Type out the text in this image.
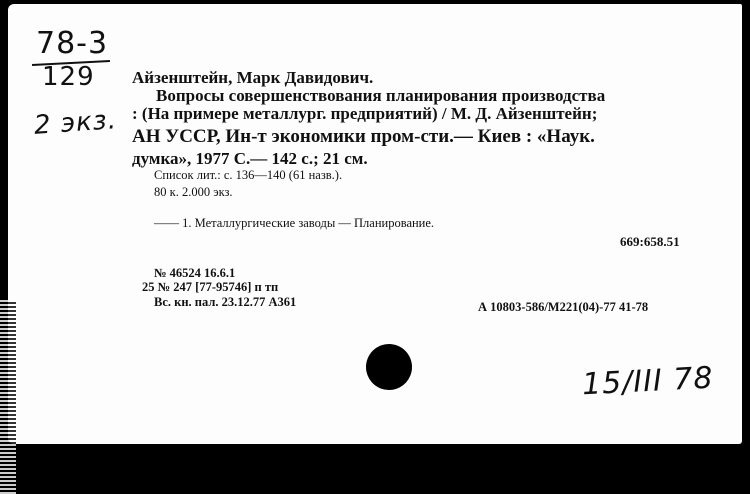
78-3
129
2 экз.
Айзенштейн, Марк Давидович.
Вопросы совершенствования планирования производства
: (На примере металлург. предприятий) / М. Д. Айзенштейн;
АН УССР, Ин-т экономики пром-сти.— Киев : «Наук.
думка», 1977 С.— 142 с.; 21 см.
Список лит.: с. 136—140 (61 назв.).
80 к. 2.000 экз.
—— 1. Металлургические заводы — Планирование.
669:658.51
№ 46524 16.6.1
25 № 247 [77-95746] п тп
Вс. кн. пал. 23.12.77 А361	А 10803-586/М221(04)-77 41-78
15/III 78
